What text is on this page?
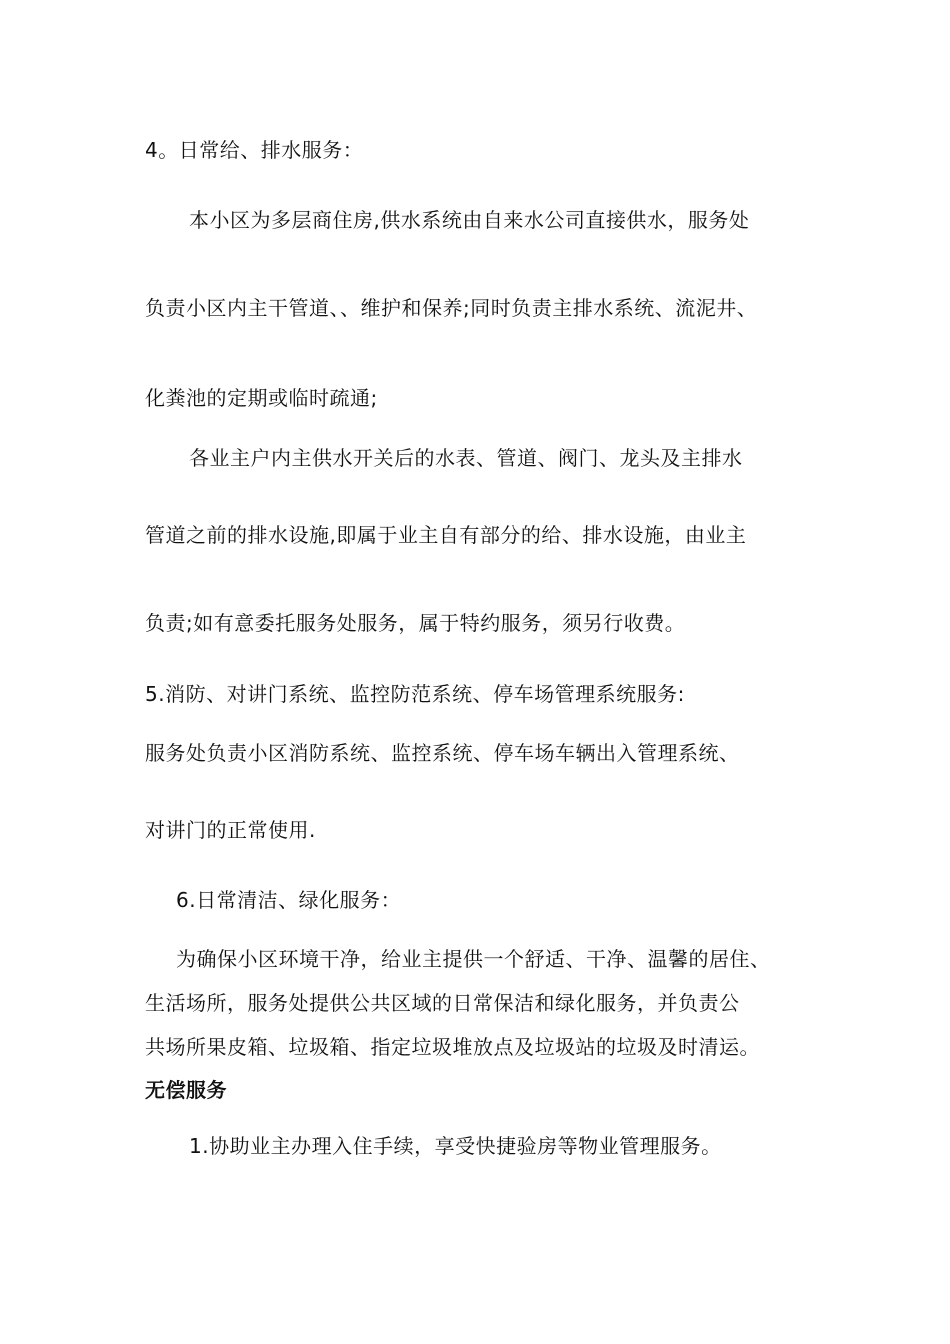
4。日常给、排水服务：
本小区为多层商住房,供水系统由自来水公司直接供水，服务处
负责小区内主干管道、、维护和保养;同时负责主排水系统、流泥井、
化粪池的定期或临时疏通;
各业主户内主供水开关后的水表、管道、阀门、龙头及主排水
管道之前的排水设施,即属于业主自有部分的给、排水设施，由业主
负责;如有意委托服务处服务，属于特约服务，须另行收费。
5.消防、对讲门系统、监控防范系统、停车场管理系统服务:
服务处负责小区消防系统、监控系统、停车场车辆出入管理系统、
对讲门的正常使用.
6.日常清洁、绿化服务：
为确保小区环境干净，给业主提供一个舒适、干净、温馨的居住、
生活场所，服务处提供公共区域的日常保洁和绿化服务，并负责公
共场所果皮箱、垃圾箱、指定垃圾堆放点及垃圾站的垃圾及时清运。
无偿服务
1.协助业主办理入住手续，享受快捷验房等物业管理服务。
